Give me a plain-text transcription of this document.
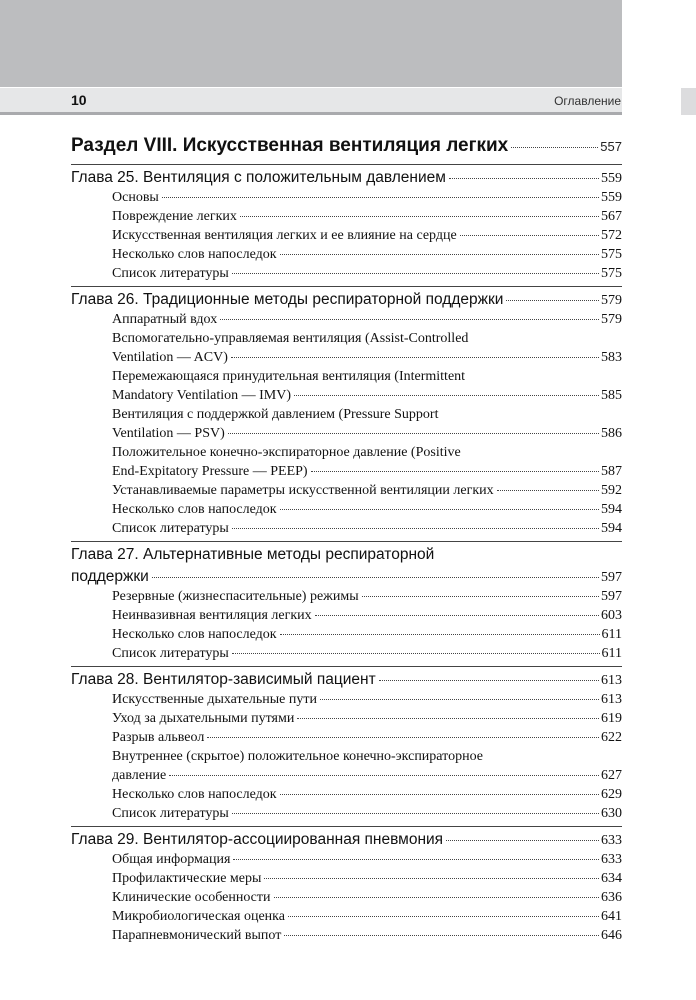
10	Оглавление
Раздел VIII. Искусственная вентиляция легких	557
Глава 25. Вентиляция с положительным давлением	559
Основы	559
Повреждение легких	567
Искусственная вентиляция легких и ее влияние на сердце	572
Несколько слов напоследок	575
Список литературы	575
Глава 26. Традиционные методы респираторной поддержки	579
Аппаратный вдох	579
Вспомогательно-управляемая вентиляция (Assist-Controlled
Ventilation — ACV)	583
Перемежающаяся принудительная вентиляция (Intermittent
Mandatory Ventilation — IMV)	585
Вентиляция с поддержкой давлением (Pressure Support
Ventilation — PSV)	586
Положительное конечно-экспираторное давление (Positive
End-Expitatory Pressure — PEEP)	587
Устанавливаемые параметры искусственной вентиляции легких	592
Несколько слов напоследок	594
Список литературы	594
Глава 27. Альтернативные методы респираторной
поддержки	597
Резервные (жизнеспасительные) режимы	597
Неинвазивная вентиляция легких	603
Несколько слов напоследок	611
Список литературы	611
Глава 28. Вентилятор-зависимый пациент	613
Искусственные дыхательные пути	613
Уход за дыхательными путями	619
Разрыв альвеол	622
Внутреннее (скрытое) положительное конечно-экспираторное
давление	627
Несколько слов напоследок	629
Список литературы	630
Глава 29. Вентилятор-ассоциированная пневмония	633
Общая информация	633
Профилактические меры	634
Клинические особенности	636
Микробиологическая оценка	641
Парапневмонический выпот	646
